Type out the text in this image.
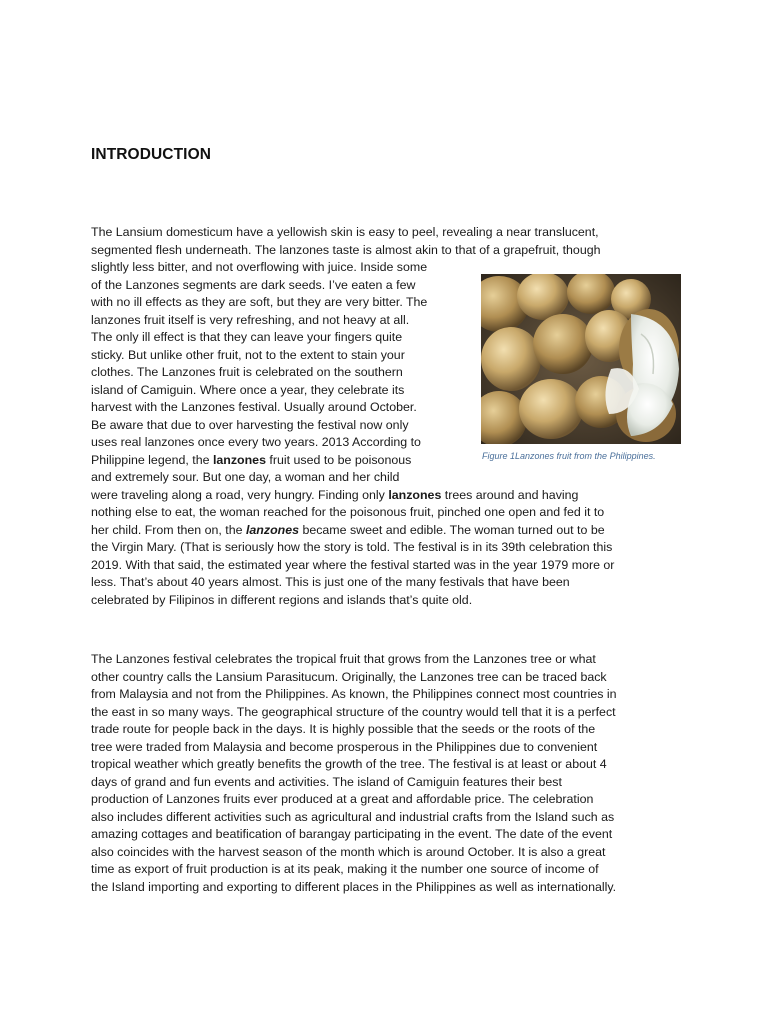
INTRODUCTION
The Lansium domesticum have a yellowish skin is easy to peel, revealing a near translucent,
segmented flesh underneath. The lanzones taste is almost akin to that of a grapefruit, though
slightly less bitter, and not overflowing with juice. Inside some
of the Lanzones segments are dark seeds. I’ve eaten a few
with no ill effects as they are soft, but they are very bitter. The
lanzones fruit itself is very refreshing, and not heavy at all.
The only ill effect is that they can leave your fingers quite
sticky. But unlike other fruit, not to the extent to stain your
clothes. The Lanzones fruit is celebrated on the southern
island of Camiguin. Where once a year, they celebrate its
harvest with the Lanzones festival. Usually around October.
Be aware that due to over harvesting the festival now only
uses real lanzones once every two years. 2013 According to
Philippine legend, the lanzones fruit used to be poisonous
and extremely sour. But one day, a woman and her child
were traveling along a road, very hungry. Finding only lanzones trees around and having
nothing else to eat, the woman reached for the poisonous fruit, pinched one open and fed it to
her child. From then on, the lanzones became sweet and edible. The woman turned out to be
the Virgin Mary. (That is seriously how the story is told. The festival is in its 39th celebration this
2019. With that said, the estimated year where the festival started was in the year 1979 more or
less. That’s about 40 years almost. This is just one of the many festivals that have been
celebrated by Filipinos in different regions and islands that’s quite old.
Figure 1Lanzones fruit from the Philippines.
The Lanzones festival celebrates the tropical fruit that grows from the Lanzones tree or what
other country calls the Lansium Parasitucum. Originally, the Lanzones tree can be traced back
from Malaysia and not from the Philippines. As known, the Philippines connect most countries in
the east in so many ways. The geographical structure of the country would tell that it is a perfect
trade route for people back in the days. It is highly possible that the seeds or the roots of the
tree were traded from Malaysia and become prosperous in the Philippines due to convenient
tropical weather which greatly benefits the growth of the tree. The festival is at least or about 4
days of grand and fun events and activities. The island of Camiguin features their best
production of Lanzones fruits ever produced at a great and affordable price. The celebration
also includes different activities such as agricultural and industrial crafts from the Island such as
amazing cottages and beatification of barangay participating in the event. The date of the event
also coincides with the harvest season of the month which is around October. It is also a great
time as export of fruit production is at its peak, making it the number one source of income of
the Island importing and exporting to different places in the Philippines as well as internationally.
